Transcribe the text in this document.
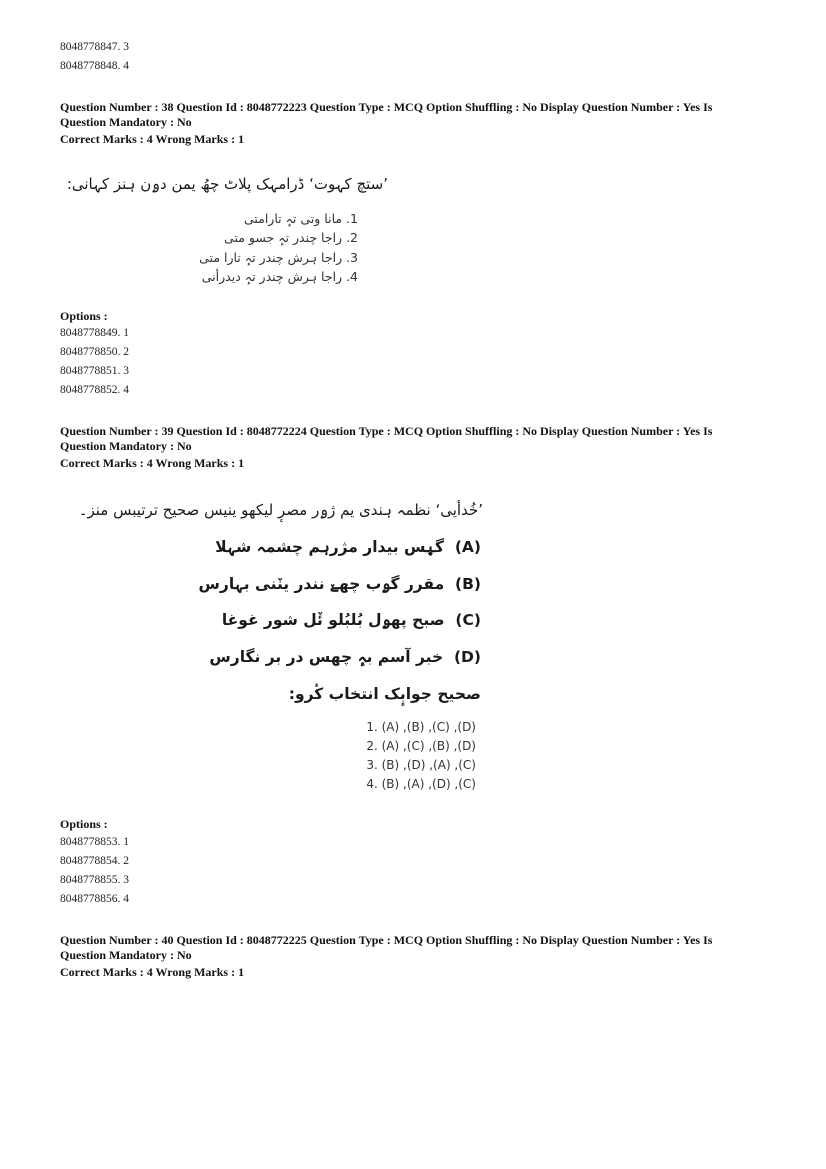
8048778847. 3
8048778848. 4
Question Number : 38 Question Id : 8048772223 Question Type : MCQ Option Shuffling : No Display Question Number : Yes Is
Question Mandatory : No
Correct Marks : 4 Wrong Marks : 1
’ستچ کہوت‘ ڈرامہک پلاٹ چھُ یمن دۄن ہنز کہانی:
1. مانا وتی تہٕ تارامتی
2. راجا چندر تہٕ جسو متی
3. راجا ہرش چندر تہٕ تارا متی
4. راجا ہرش چندر تہٕ دیدرأنی
Options :
8048778849. 1
8048778850. 2
8048778851. 3
8048778852. 4
Question Number : 39 Question Id : 8048772224 Question Type : MCQ Option Shuffling : No Display Question Number : Yes Is
Question Mandatory : No
Correct Marks : 4 Wrong Marks : 1
’خُدأیی‘ نظمہ ہندی یم ژۄر مصرٕ لیکھو ینیس صحیح ترتیبس منز۔
(A)  گیٖس بیدار مژرہم چشمہ شہلا
(B)  مقرر گۄب چھےٚ نندر ینٚنی بہارس
(C)  صبح پھۄل بُلبُلو ئٚل شور غوغا
(D)  خبر آسم بہٕ چھس در بر نگارس
صحیح جوابٕک انتخاب کٔرو:
1. (A) ,(B) ,(C) ,(D)
2. (A) ,(C) ,(B) ,(D)
3. (B) ,(D) ,(A) ,(C)
4. (B) ,(A) ,(D) ,(C)
Options :
8048778853. 1
8048778854. 2
8048778855. 3
8048778856. 4
Question Number : 40 Question Id : 8048772225 Question Type : MCQ Option Shuffling : No Display Question Number : Yes Is
Question Mandatory : No
Correct Marks : 4 Wrong Marks : 1
